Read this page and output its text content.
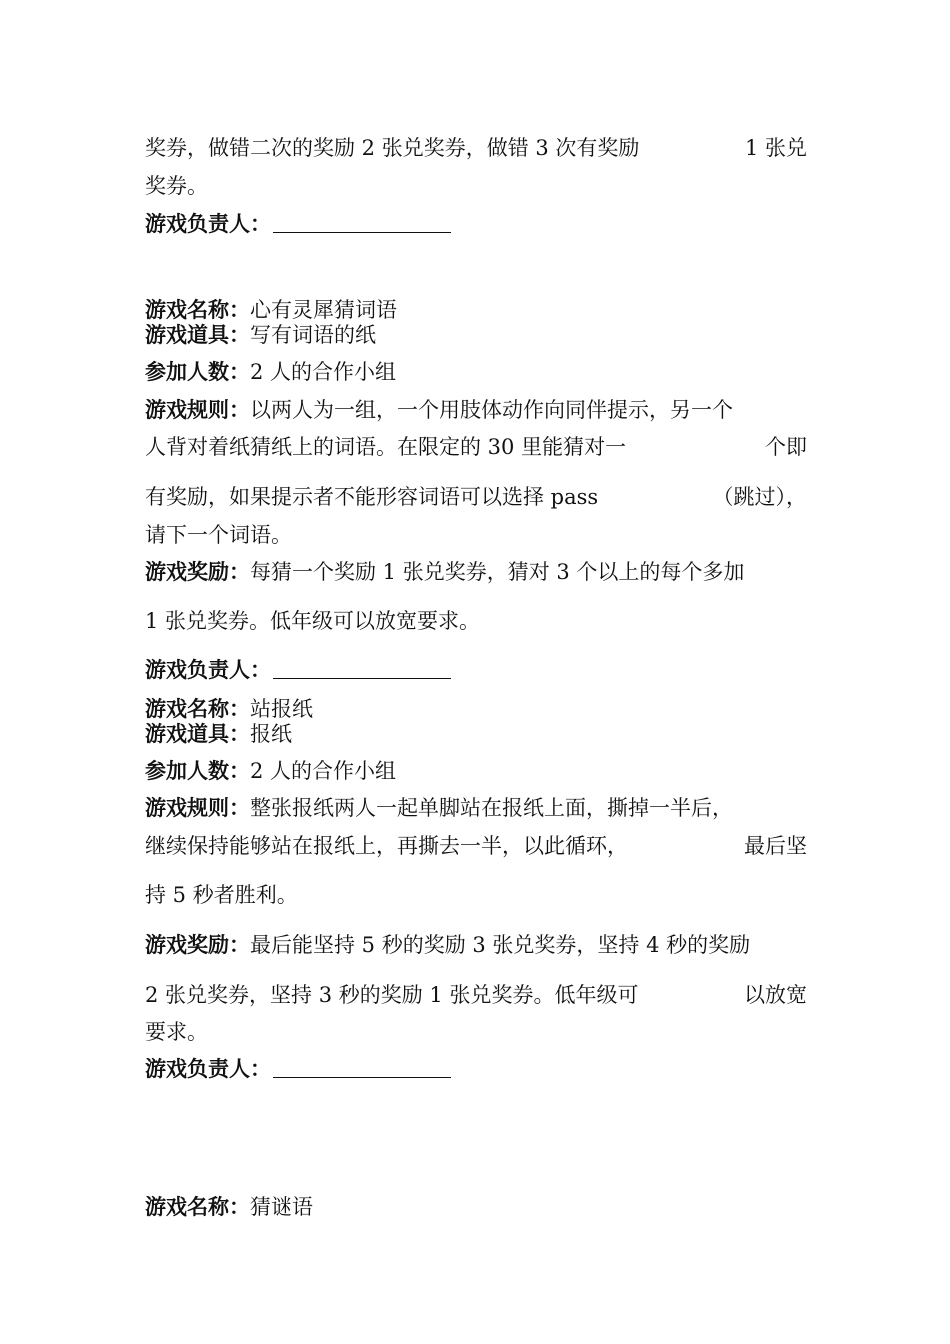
奖券，做错二次的奖励 2 张兑奖券，做错 3 次有奖励	1 张兑
奖券。
游戏负责人：
游戏名称：心有灵犀猜词语
游戏道具：写有词语的纸
参加人数：2 人的合作小组
游戏规则：以两人为一组，一个用肢体动作向同伴提示，另一个
人背对着纸猜纸上的词语。在限定的 30 里能猜对一	个即
有奖励，如果提示者不能形容词语可以选择 pass	（跳过），
请下一个词语。
游戏奖励：每猜一个奖励 1 张兑奖券，猜对 3 个以上的每个多加
1 张兑奖券。低年级可以放宽要求。
游戏负责人：
游戏名称：站报纸
游戏道具：报纸
参加人数：2 人的合作小组
游戏规则：整张报纸两人一起单脚站在报纸上面，撕掉一半后，
继续保持能够站在报纸上，再撕去一半，以此循环，	最后坚
持 5 秒者胜利。
游戏奖励：最后能坚持 5 秒的奖励 3 张兑奖券，坚持 4 秒的奖励
2 张兑奖券，坚持 3 秒的奖励 1 张兑奖券。低年级可	以放宽
要求。
游戏负责人：
游戏名称：猜谜语
